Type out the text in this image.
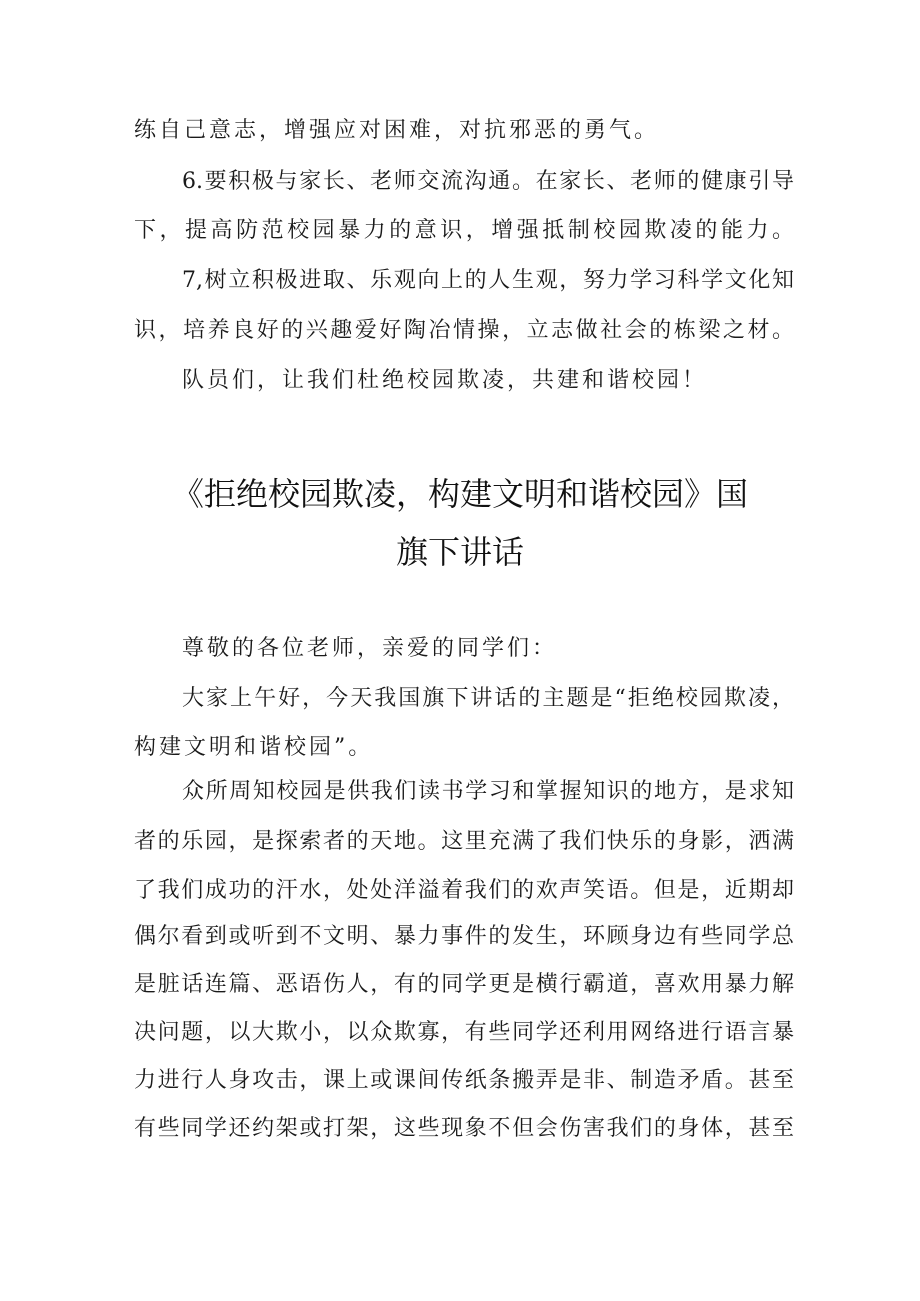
练自己意志，增强应对困难，对抗邪恶的勇气。
6.要积极与家长、老师交流沟通。在家长、老师的健康引导
下，提高防范校园暴力的意识，增强抵制校园欺凌的能力。
7,树立积极进取、乐观向上的人生观，努力学习科学文化知
识，培养良好的兴趣爱好陶冶情操，立志做社会的栋梁之材。
队员们，让我们杜绝校园欺凌，共建和谐校园！
《拒绝校园欺凌，构建文明和谐校园》国
旗下讲话
尊敬的各位老师，亲爱的同学们：
大家上午好，今天我国旗下讲话的主题是“拒绝校园欺凌，
构建文明和谐校园”。
众所周知校园是供我们读书学习和掌握知识的地方，是求知
者的乐园，是探索者的天地。这里充满了我们快乐的身影，洒满
了我们成功的汗水，处处洋溢着我们的欢声笑语。但是，近期却
偶尔看到或听到不文明、暴力事件的发生，环顾身边有些同学总
是脏话连篇、恶语伤人，有的同学更是横行霸道，喜欢用暴力解
决问题，以大欺小，以众欺寡，有些同学还利用网络进行语言暴
力进行人身攻击，课上或课间传纸条搬弄是非、制造矛盾。甚至
有些同学还约架或打架，这些现象不但会伤害我们的身体，甚至
